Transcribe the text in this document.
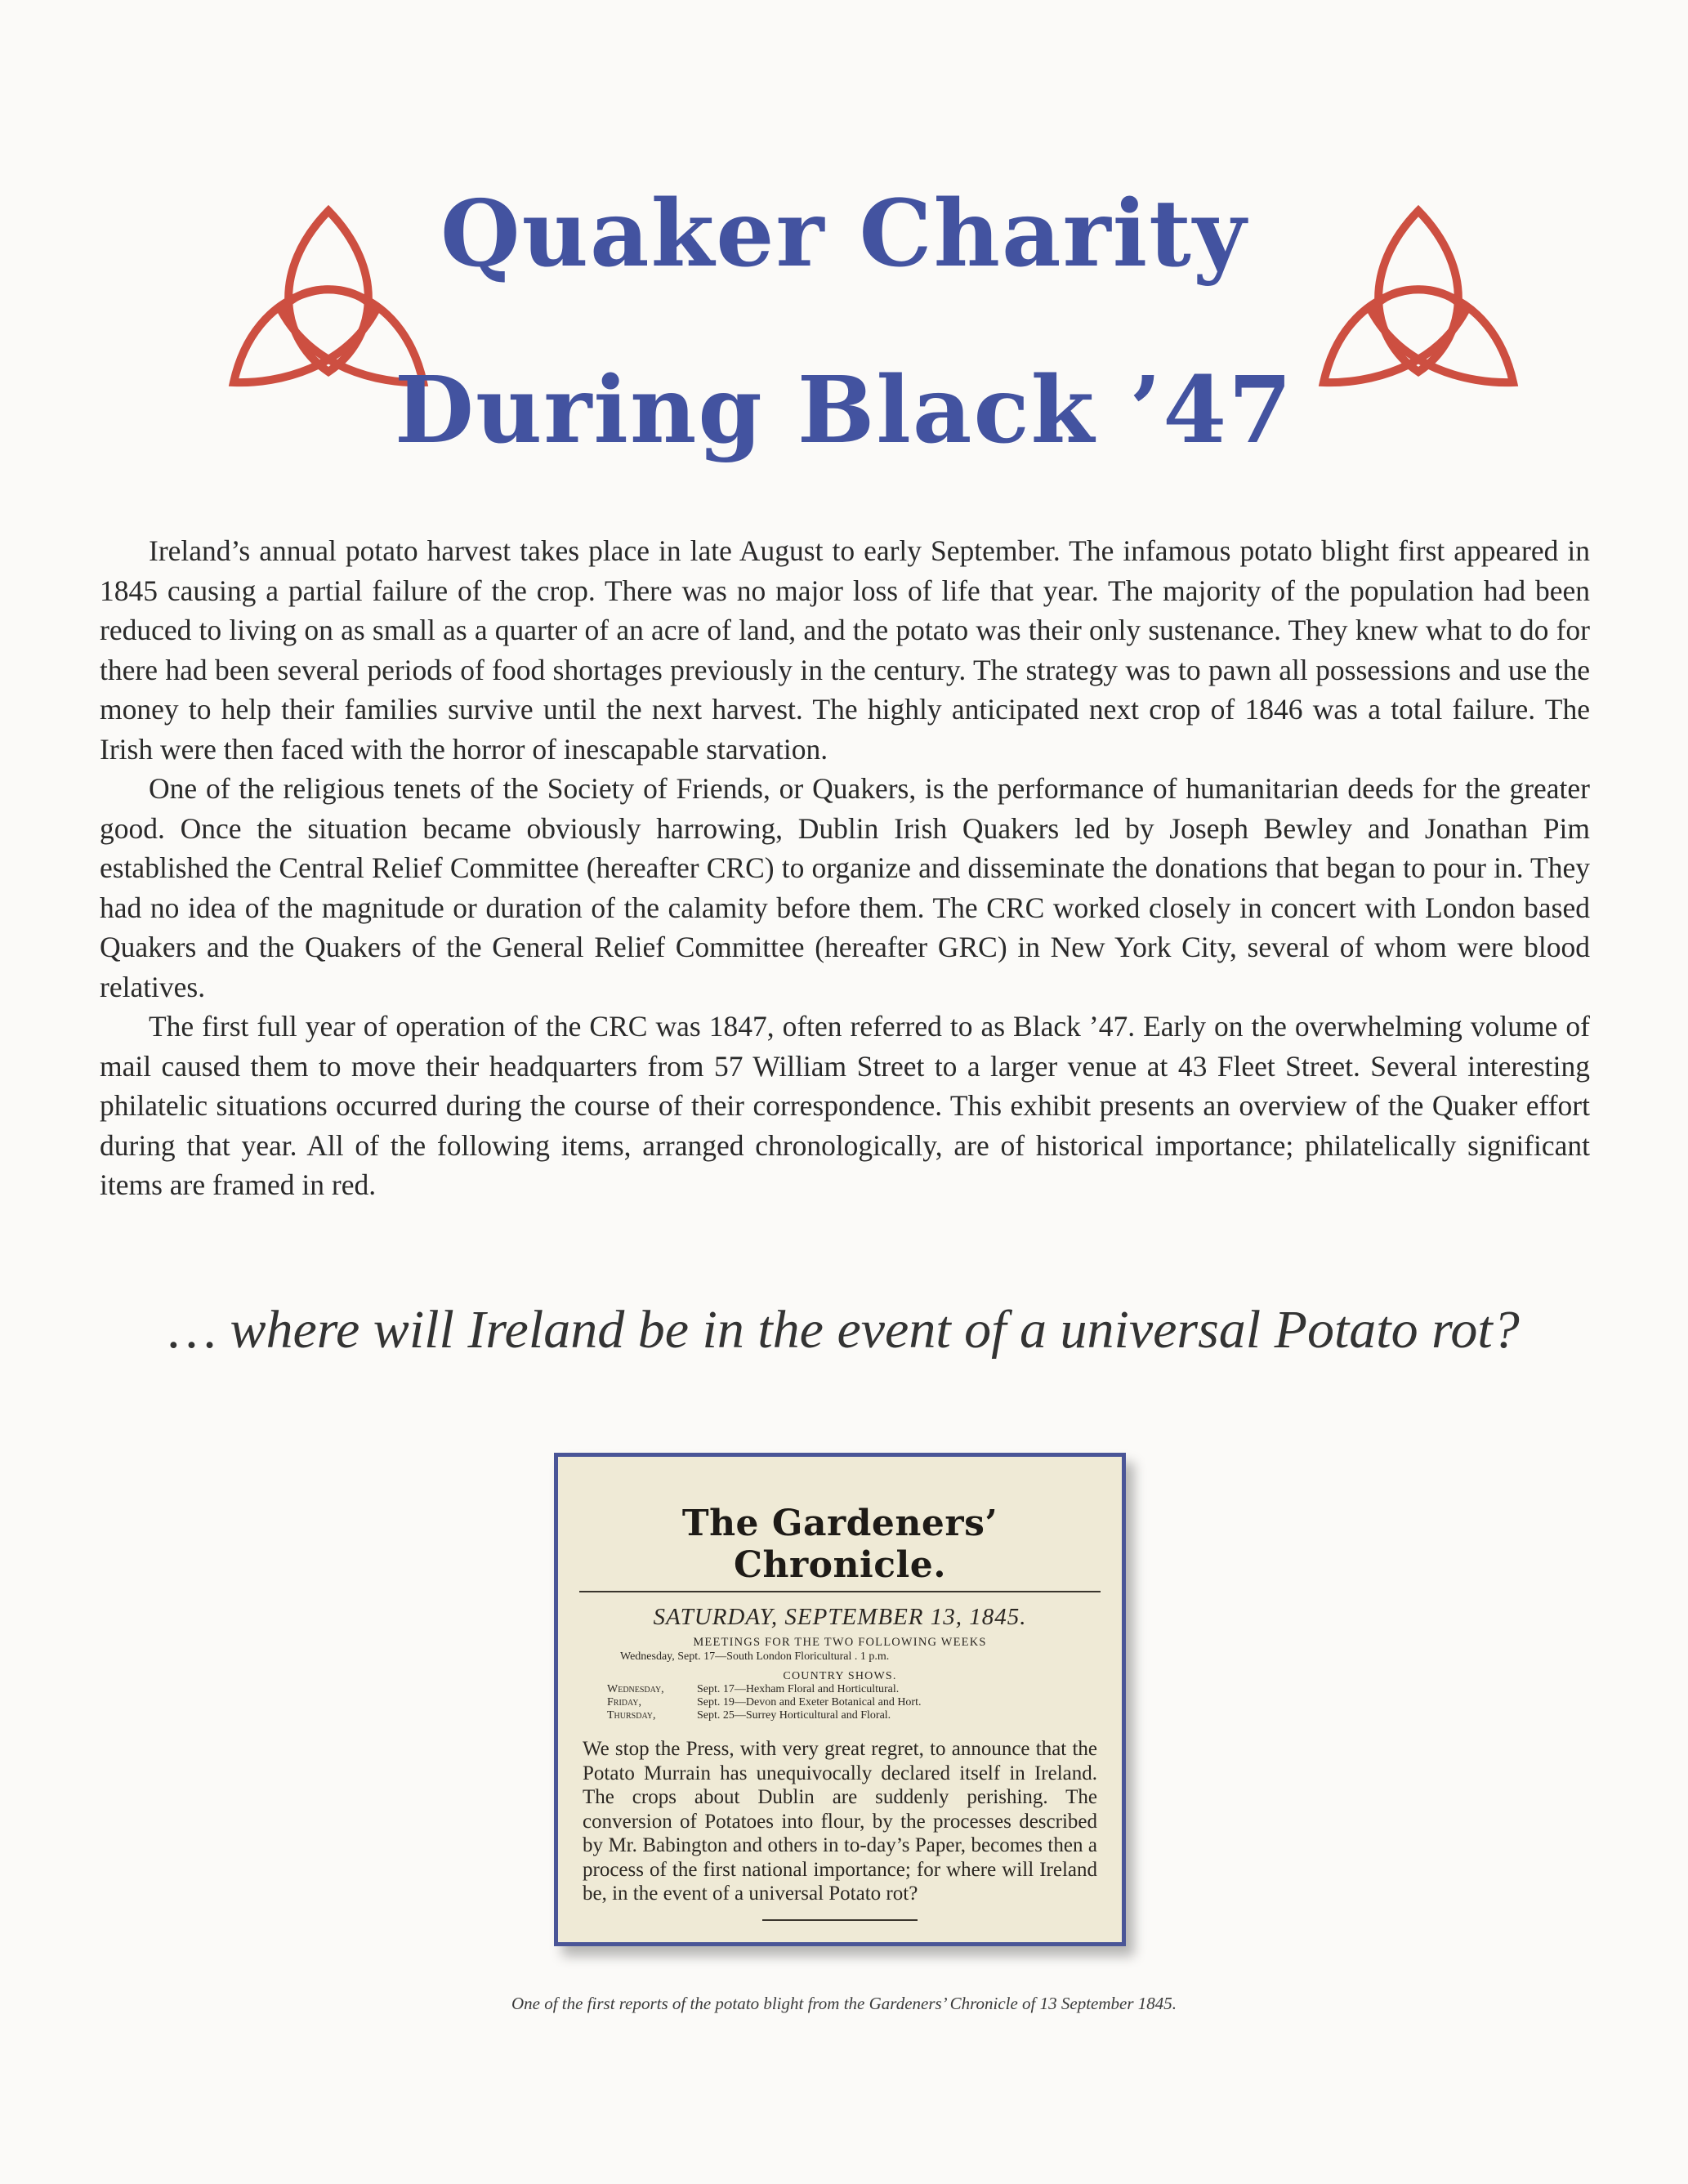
Quaker Charity
During Black ’47

Ireland’s annual potato harvest takes place in late August to early September. The infamous potato blight first appeared in 1845 causing a partial failure of the crop. There was no major loss of life that year. The majority of the population had been reduced to living on as small as a quarter of an acre of land, and the potato was their only sustenance. They knew what to do for there had been several periods of food shortages previously in the century. The strategy was to pawn all possessions and use the money to help their families survive until the next harvest. The highly anticipated next crop of 1846 was a total failure. The Irish were then faced with the horror of inescapable starvation.

One of the religious tenets of the Society of Friends, or Quakers, is the performance of humanitarian deeds for the greater good. Once the situation became obviously harrowing, Dublin Irish Quakers led by Joseph Bewley and Jonathan Pim established the Central Relief Committee (hereafter CRC) to organize and disseminate the donations that began to pour in. They had no idea of the magnitude or duration of the calamity before them. The CRC worked closely in concert with London based Quakers and the Quakers of the General Relief Committee (hereafter GRC) in New York City, several of whom were blood relatives.

The first full year of operation of the CRC was 1847, often referred to as Black ’47. Early on the overwhelming volume of mail caused them to move their headquarters from 57 William Street to a larger venue at 43 Fleet Street. Several interesting philatelic situations occurred during the course of their correspondence. This exhibit presents an overview of the Quaker effort during that year. All of the following items, arranged chronologically, are of historical importance; philatelically significant items are framed in red.

… where will Ireland be in the event of a universal Potato rot?
The Gardeners’ Chronicle.
SATURDAY, SEPTEMBER 13, 1845.
MEETINGS FOR THE TWO FOLLOWING WEEKS
Wednesday, Sept. 17—South London Floricultural . 1 p.m.
COUNTRY SHOWS.
Wednesday,	Sept. 17—Hexham Floral and Horticultural.
Friday,	Sept. 19—Devon and Exeter Botanical and Hort.
Thursday,	Sept. 25—Surrey Horticultural and Floral.
We stop the Press, with very great regret, to announce that the Potato Murrain has unequivocally declared itself in Ireland. The crops about Dublin are suddenly perishing. The conversion of Potatoes into flour, by the processes described by Mr. Babington and others in to-day’s Paper, becomes then a process of the first national importance; for where will Ireland be, in the event of a universal Potato rot?
One of the first reports of the potato blight from the Gardeners’ Chronicle of 13 September 1845.
